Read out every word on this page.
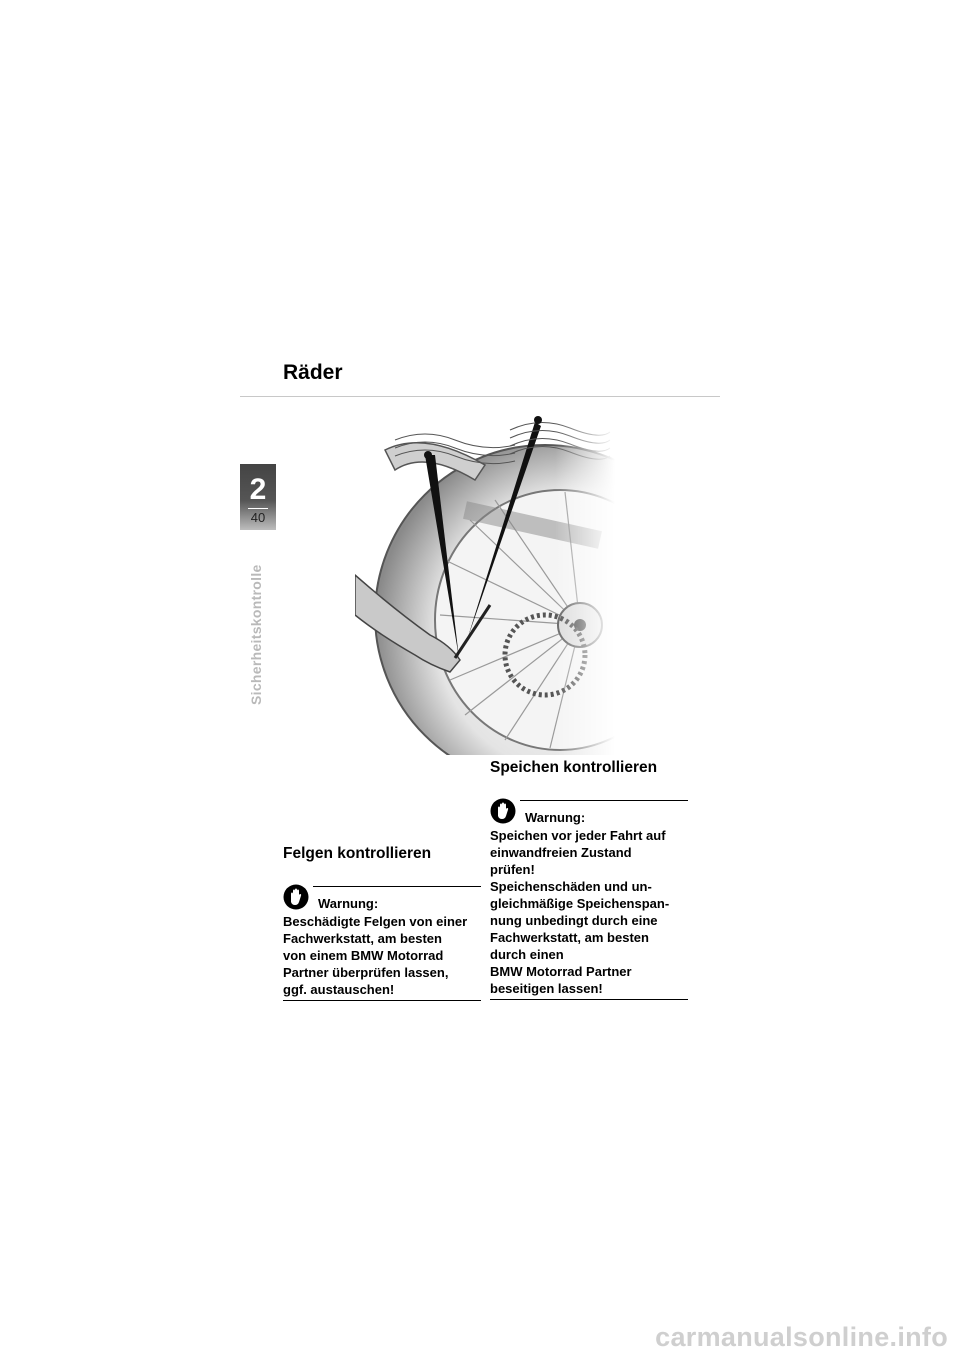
Räder
2
40
Sicherheitskontrolle
Speichen kontrollieren
Warnung:
Speichen vor jeder Fahrt auf
einwandfreien Zustand
prüfen!
Speichenschäden und un-
gleichmäßige Speichenspan-
nung unbedingt durch eine
Fachwerkstatt, am besten
durch einen
BMW Motorrad Partner
beseitigen lassen!
Felgen kontrollieren
Warnung:
Beschädigte Felgen von einer
Fachwerkstatt, am besten
von einem BMW Motorrad
Partner überprüfen lassen,
ggf. austauschen!
carmanualsonline.info
